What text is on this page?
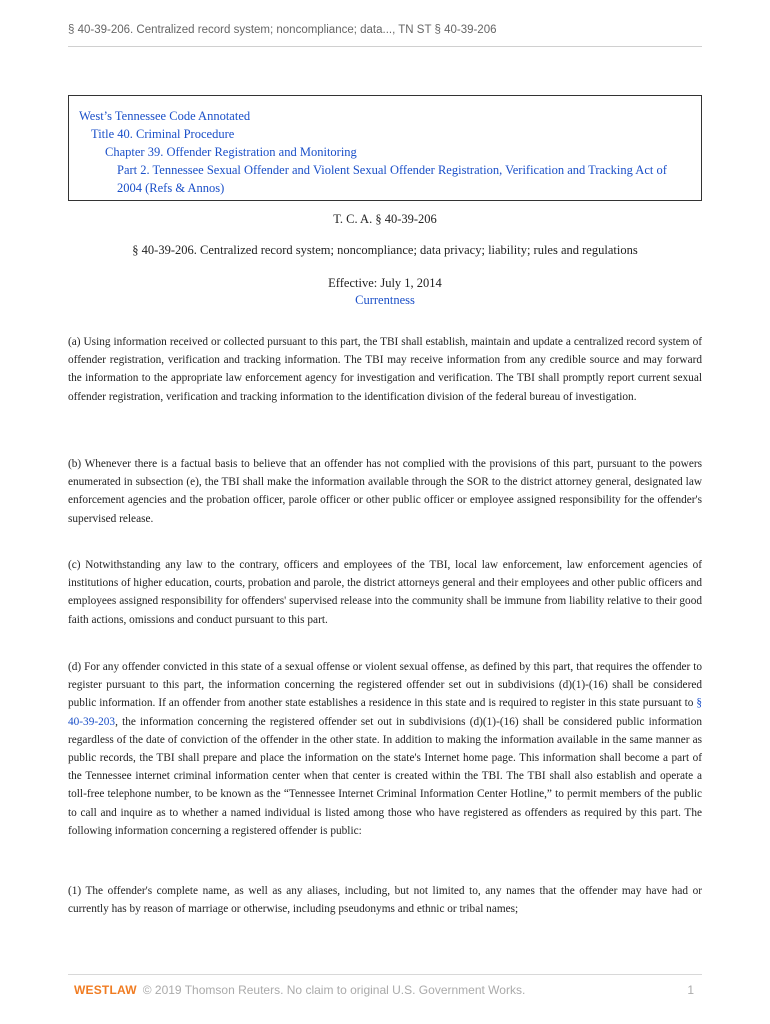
§ 40-39-206. Centralized record system; noncompliance; data..., TN ST § 40-39-206
West’s Tennessee Code Annotated
Title 40. Criminal Procedure
Chapter 39. Offender Registration and Monitoring
Part 2. Tennessee Sexual Offender and Violent Sexual Offender Registration, Verification and Tracking Act of 2004 (Refs & Annos)
T. C. A. § 40-39-206
§ 40-39-206. Centralized record system; noncompliance; data privacy; liability; rules and regulations
Effective: July 1, 2014
Currentness
(a) Using information received or collected pursuant to this part, the TBI shall establish, maintain and update a centralized record system of offender registration, verification and tracking information. The TBI may receive information from any credible source and may forward the information to the appropriate law enforcement agency for investigation and verification. The TBI shall promptly report current sexual offender registration, verification and tracking information to the identification division of the federal bureau of investigation.
(b) Whenever there is a factual basis to believe that an offender has not complied with the provisions of this part, pursuant to the powers enumerated in subsection (e), the TBI shall make the information available through the SOR to the district attorney general, designated law enforcement agencies and the probation officer, parole officer or other public officer or employee assigned responsibility for the offender's supervised release.
(c) Notwithstanding any law to the contrary, officers and employees of the TBI, local law enforcement, law enforcement agencies of institutions of higher education, courts, probation and parole, the district attorneys general and their employees and other public officers and employees assigned responsibility for offenders' supervised release into the community shall be immune from liability relative to their good faith actions, omissions and conduct pursuant to this part.
(d) For any offender convicted in this state of a sexual offense or violent sexual offense, as defined by this part, that requires the offender to register pursuant to this part, the information concerning the registered offender set out in subdivisions (d)(1)-(16) shall be considered public information. If an offender from another state establishes a residence in this state and is required to register in this state pursuant to § 40-39-203, the information concerning the registered offender set out in subdivisions (d)(1)-(16) shall be considered public information regardless of the date of conviction of the offender in the other state. In addition to making the information available in the same manner as public records, the TBI shall prepare and place the information on the state's Internet home page. This information shall become a part of the Tennessee internet criminal information center when that center is created within the TBI. The TBI shall also establish and operate a toll-free telephone number, to be known as the “Tennessee Internet Criminal Information Center Hotline,” to permit members of the public to call and inquire as to whether a named individual is listed among those who have registered as offenders as required by this part. The following information concerning a registered offender is public:
(1) The offender's complete name, as well as any aliases, including, but not limited to, any names that the offender may have had or currently has by reason of marriage or otherwise, including pseudonyms and ethnic or tribal names;
WESTLAW © 2019 Thomson Reuters. No claim to original U.S. Government Works.	1
